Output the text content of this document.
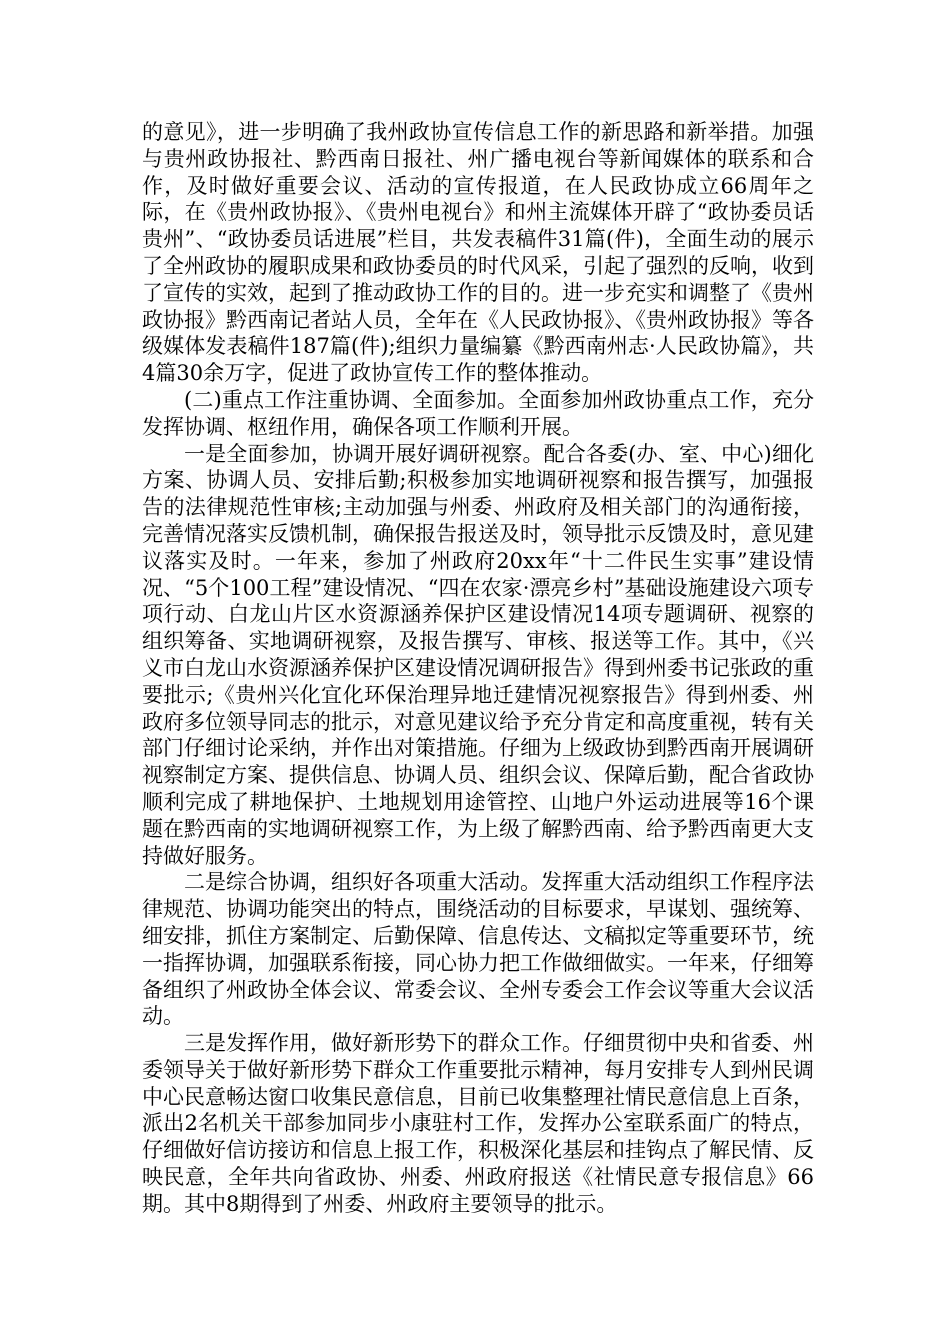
的意见》，进一步明确了我州政协宣传信息工作的新思路和新举措。加强与贵州政协报社、黔西南日报社、州广播电视台等新闻媒体的联系和合作，及时做好重要会议、活动的宣传报道，在人民政协成立66周年之际，在《贵州政协报》、《贵州电视台》和州主流媒体开辟了“政协委员话贵州”、“政协委员话进展”栏目，共发表稿件31篇(件)，全面生动的展示了全州政协的履职成果和政协委员的时代风采，引起了强烈的反响，收到了宣传的实效，起到了推动政协工作的目的。进一步充实和调整了《贵州政协报》黔西南记者站人员，全年在《人民政协报》、《贵州政协报》等各级媒体发表稿件187篇(件);组织力量编纂《黔西南州志·人民政协篇》，共4篇30余万字，促进了政协宣传工作的整体推动。

(二)重点工作注重协调、全面参加。全面参加州政协重点工作，充分发挥协调、枢纽作用，确保各项工作顺利开展。

一是全面参加，协调开展好调研视察。配合各委(办、室、中心)细化方案、协调人员、安排后勤;积极参加实地调研视察和报告撰写，加强报告的法律规范性审核;主动加强与州委、州政府及相关部门的沟通衔接，完善情况落实反馈机制，确保报告报送及时，领导批示反馈及时，意见建议落实及时。一年来，参加了州政府20xx年“十二件民生实事”建设情况、“5个100工程”建设情况、“四在农家·漂亮乡村”基础设施建设六项专项行动、白龙山片区水资源涵养保护区建设情况14项专题调研、视察的组织筹备、实地调研视察，及报告撰写、审核、报送等工作。其中，《兴义市白龙山水资源涵养保护区建设情况调研报告》得到州委书记张政的重要批示;《贵州兴化宜化环保治理异地迁建情况视察报告》得到州委、州政府多位领导同志的批示，对意见建议给予充分肯定和高度重视，转有关部门仔细讨论采纳，并作出对策措施。仔细为上级政协到黔西南开展调研视察制定方案、提供信息、协调人员、组织会议、保障后勤，配合省政协顺利完成了耕地保护、土地规划用途管控、山地户外运动进展等16个课题在黔西南的实地调研视察工作，为上级了解黔西南、给予黔西南更大支持做好服务。

二是综合协调，组织好各项重大活动。发挥重大活动组织工作程序法律规范、协调功能突出的特点，围绕活动的目标要求，早谋划、强统筹、细安排，抓住方案制定、后勤保障、信息传达、文稿拟定等重要环节，统一指挥协调，加强联系衔接，同心协力把工作做细做实。一年来，仔细筹备组织了州政协全体会议、常委会议、全州专委会工作会议等重大会议活动。

三是发挥作用，做好新形势下的群众工作。仔细贯彻中央和省委、州委领导关于做好新形势下群众工作重要批示精神，每月安排专人到州民调中心民意畅达窗口收集民意信息，目前已收集整理社情民意信息上百条，派出2名机关干部参加同步小康驻村工作，发挥办公室联系面广的特点，仔细做好信访接访和信息上报工作，积极深化基层和挂钩点了解民情、反映民意，全年共向省政协、州委、州政府报送《社情民意专报信息》66期。其中8期得到了州委、州政府主要领导的批示。
